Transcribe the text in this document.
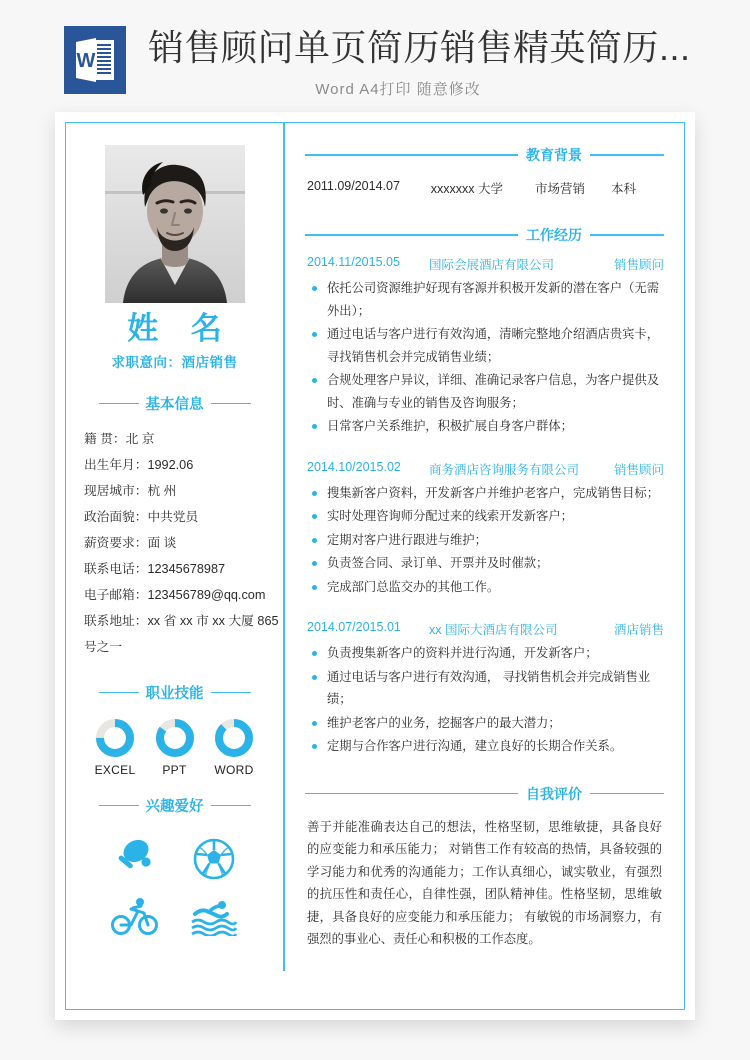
W 销售顾问单页简历销售精英简历...
Word A4打印 随意修改
姓 名
求职意向：酒店销售
基本信息
籍 贯：北 京
出生年月：1992.06
现居城市：杭 州
政治面貌：中共党员
薪资要求：面 谈
联系电话：12345678987
电子邮箱：123456789@qq.com
联系地址：xx 省 xx 市 xx 大厦 865
号之一
职业技能
EXCEL	PPT	WORD
兴趣爱好
教育背景
2011.09/2014.07	xxxxxxx 大学	市场营销	本科
工作经历
2014.11/2015.05	国际会展酒店有限公司	销售顾问
依托公司资源维护好现有客源并积极开发新的潜在客户（无需外出）；
通过电话与客户进行有效沟通，清晰完整地介绍酒店贵宾卡，寻找销售机会并完成销售业绩；
合规处理客户异议，详细、准确记录客户信息，为客户提供及时、准确与专业的销售及咨询服务；
日常客户关系维护，积极扩展自身客户群体；
2014.10/2015.02	商务酒店咨询服务有限公司	销售顾问
搜集新客户资料，开发新客户并维护老客户，完成销售目标；
实时处理咨询师分配过来的线索开发新客户；
定期对客户进行跟进与维护；
负责签合同、录订单、开票并及时催款；
完成部门总监交办的其他工作。
2014.07/2015.01	xx 国际大酒店有限公司	酒店销售
负责搜集新客户的资料并进行沟通，开发新客户；
通过电话与客户进行有效沟通， 寻找销售机会并完成销售业绩；
维护老客户的业务，挖掘客户的最大潜力；
定期与合作客户进行沟通，建立良好的长期合作关系。
自我评价

善于并能准确表达自己的想法，性格坚韧，思维敏捷，具备良好的应变能力和承压能力； 对销售工作有较高的热情，具备较强的学习能力和优秀的沟通能力；工作认真细心，诚实敬业，有强烈的抗压性和责任心，自律性强，团队精神佳。性格坚韧，思维敏捷，具备良好的应变能力和承压能力； 有敏锐的市场洞察力，有强烈的事业心、责任心和积极的工作态度。
